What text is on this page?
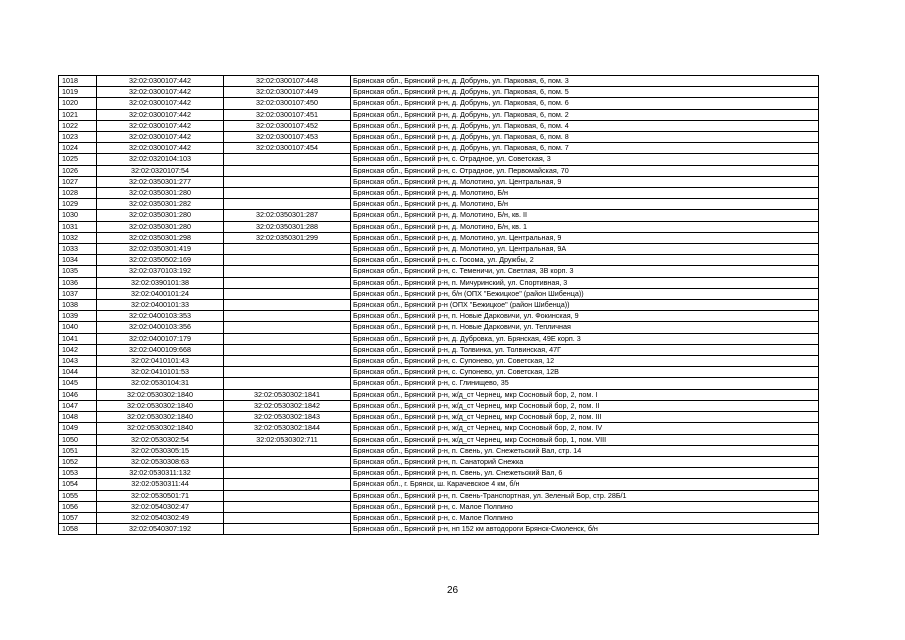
1018	32:02:0300107:442	32:02:0300107:448	Брянская обл., Брянский р-н, д. Добрунь, ул. Парковая, 6, пом. 3
1019	32:02:0300107:442	32:02:0300107:449	Брянская обл., Брянский р-н, д. Добрунь, ул. Парковая, 6, пом. 5
1020	32:02:0300107:442	32:02:0300107:450	Брянская обл., Брянский р-н, д. Добрунь, ул. Парковая, 6, пом. 6
1021	32:02:0300107:442	32:02:0300107:451	Брянская обл., Брянский р-н, д. Добрунь, ул. Парковая, 6, пом. 2
1022	32:02:0300107:442	32:02:0300107:452	Брянская обл., Брянский р-н, д. Добрунь, ул. Парковая, 6, пом. 4
1023	32:02:0300107:442	32:02:0300107:453	Брянская обл., Брянский р-н, д. Добрунь, ул. Парковая, 6, пом. 8
1024	32:02:0300107:442	32:02:0300107:454	Брянская обл., Брянский р-н, д. Добрунь, ул. Парковая, 6, пом. 7
1025	32:02:0320104:103		Брянская обл., Брянский р-н, с. Отрадное, ул. Советская, 3
1026	32:02:0320107:54		Брянская обл., Брянский р-н, с. Отрадное, ул. Первомайская, 70
1027	32:02:0350301:277		Брянская обл., Брянский р-н, д. Молотино, ул. Центральная, 9
1028	32:02:0350301:280		Брянская обл., Брянский р-н, д. Молотино, Б/н
1029	32:02:0350301:282		Брянская обл., Брянский р-н, д. Молотино, Б/н
1030	32:02:0350301:280	32:02:0350301:287	Брянская обл., Брянский р-н, д. Молотино, Б/н, кв. II
1031	32:02:0350301:280	32:02:0350301:288	Брянская обл., Брянский р-н, д. Молотино, Б/н, кв. 1
1032	32:02:0350301:298	32:02:0350301:299	Брянская обл., Брянский р-н, д. Молотино, ул. Центральная, 9
1033	32:02:0350301:419		Брянская обл., Брянский р-н, д. Молотино, ул. Центральная, 9А
1034	32:02:0350502:169		Брянская обл., Брянский р-н, с. Госома, ул. Дружбы, 2
1035	32:02:0370103:192		Брянская обл., Брянский р-н, с. Теменичи, ул. Светлая, 3В корп. 3
1036	32:02:0390101:38		Брянская обл., Брянский р-н, п. Мичуринский, ул. Спортивная, 3
1037	32:02:0400101:24		Брянская обл., Брянский р-н, б/н (ОПХ "Бежицкое" (район Шибенца))
1038	32:02:0400101:33		Брянская обл., Брянский р-н (ОПХ "Бежицкое" (район Шибенца))
1039	32:02:0400103:353		Брянская обл., Брянский р-н, п. Новые Дарковичи, ул. Фокинская, 9
1040	32:02:0400103:356		Брянская обл., Брянский р-н, п. Новые Дарковичи, ул. Тепличная
1041	32:02:0400107:179		Брянская обл., Брянский р-н, д. Дубровка, ул. Брянская, 49Е корп. 3
1042	32:02:0400109:668		Брянская обл., Брянский р-н, д. Толвинка, ул. Толвинская, 47Г
1043	32:02:0410101:43		Брянская обл., Брянский р-н, с. Супонево, ул. Советская, 12
1044	32:02:0410101:53		Брянская обл., Брянский р-н, с. Супонево, ул. Советская, 12В
1045	32:02:0530104:31		Брянская обл., Брянский р-н, с. Глинищево, 35
1046	32:02:0530302:1840	32:02:0530302:1841	Брянская обл., Брянский р-н, ж/д_ст Чернец, мкр Сосновый бор, 2, пом. I
1047	32:02:0530302:1840	32:02:0530302:1842	Брянская обл., Брянский р-н, ж/д_ст Чернец, мкр Сосновый бор, 2, пом. II
1048	32:02:0530302:1840	32:02:0530302:1843	Брянская обл., Брянский р-н, ж/д_ст Чернец, мкр Сосновый бор, 2, пом. III
1049	32:02:0530302:1840	32:02:0530302:1844	Брянская обл., Брянский р-н, ж/д_ст Чернец, мкр Сосновый бор, 2, пом. IV
1050	32:02:0530302:54	32:02:0530302:711	Брянская обл., Брянский р-н, ж/д_ст Чернец, мкр Сосновый бор, 1, пом. VIII
1051	32:02:0530305:15		Брянская обл., Брянский р-н, п. Свень, ул. Снежетьский Вал, стр. 14
1052	32:02:0530308:63		Брянская обл., Брянский р-н, п. Санаторий Снежка
1053	32:02:0530311:132		Брянская обл., Брянский р-н, п. Свень, ул. Снежетьский Вал, 6
1054	32:02:0530311:44		Брянская обл., г. Брянск, ш. Карачевское 4 км, б/н
1055	32:02:0530501:71		Брянская обл., Брянский р-н, п. Свень-Транспортная, ул. Зеленый Бор, стр. 28Б/1
1056	32:02:0540302:47		Брянская обл., Брянский р-н, с. Малое Полпино
1057	32:02:0540302:49		Брянская обл., Брянский р-н, с. Малое Полпино
1058	32:02:0540307:192		Брянская обл., Брянский р-н, нп 152 км автодороги Брянск-Смоленск, б/н
26
